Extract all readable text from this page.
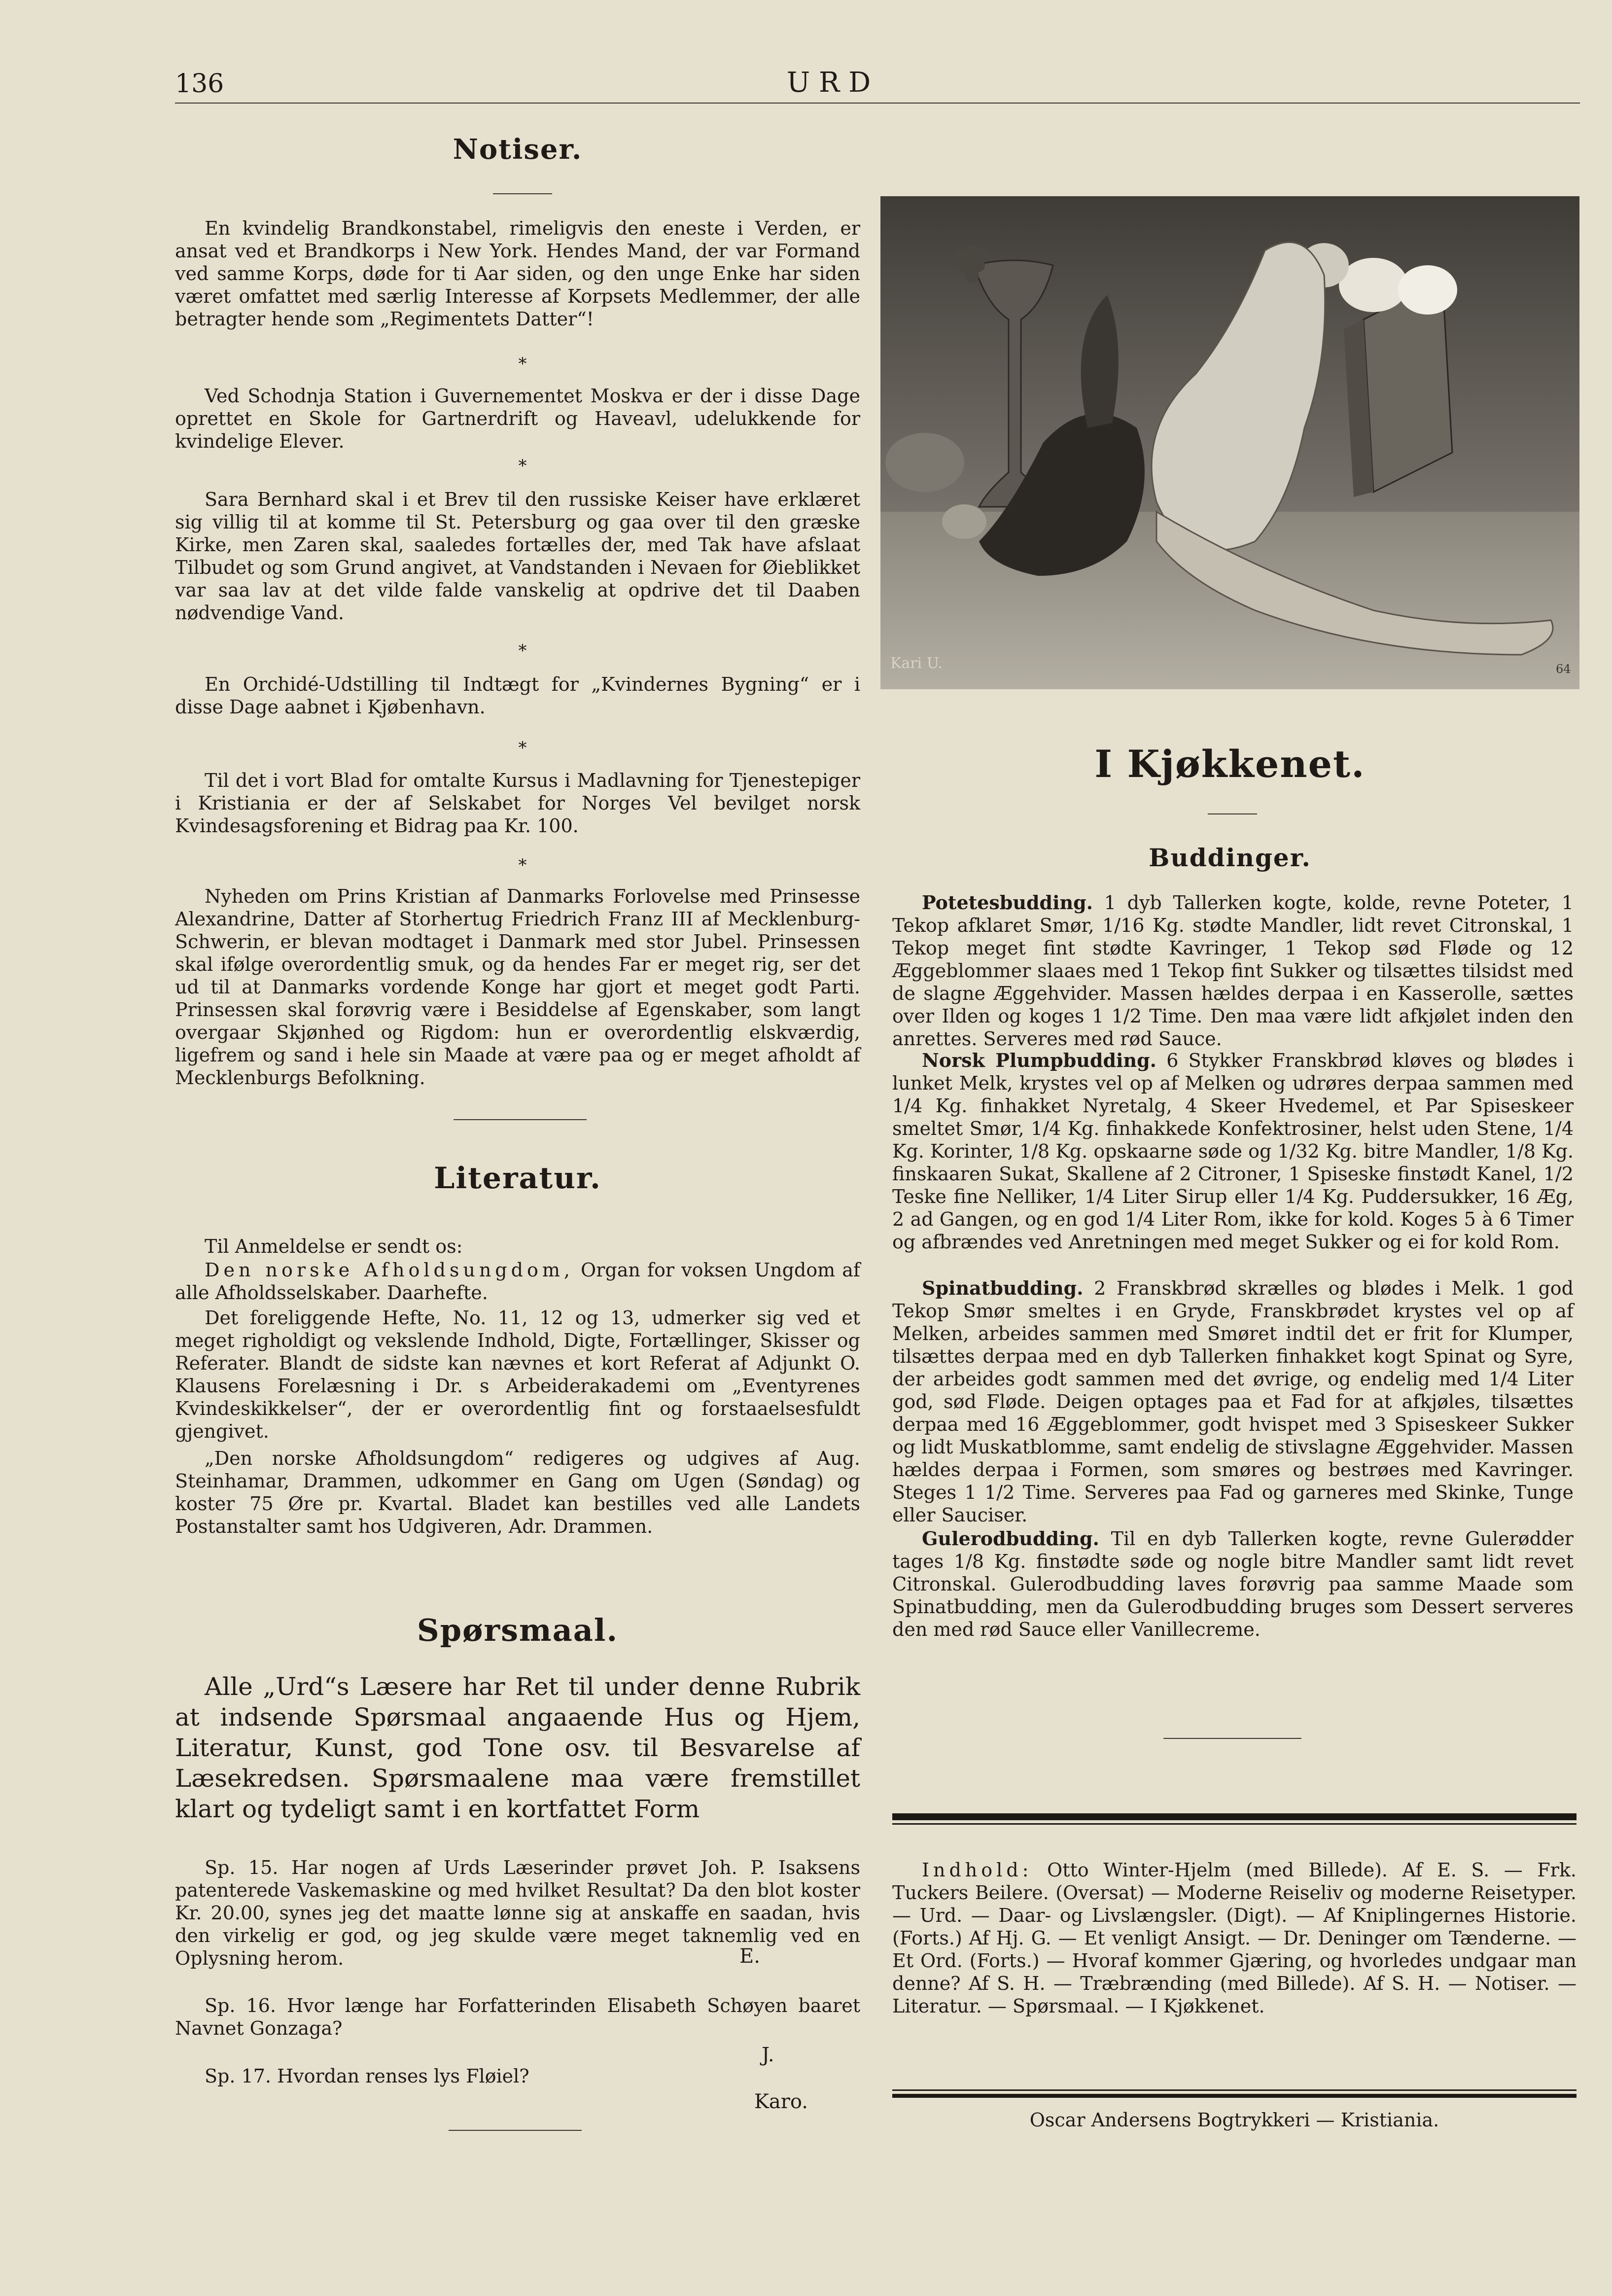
136	URD
Notiser.

En kvindelig Brandkonstabel, rimeligvis den eneste i Verden, er ansat ved et Brandkorps i New York. Hendes Mand, der var Formand ved samme Korps, døde for ti Aar siden, og den unge Enke har siden været omfattet med særlig Interesse af Korpsets Medlemmer, der alle betragter hende som „Regimentets Datter“!

*

Ved Schodnja Station i Guvernementet Moskva er der i disse Dage oprettet en Skole for Gartnerdrift og Haveavl, udelukkende for kvindelige Elever.

*

Sara Bernhard skal i et Brev til den russiske Keiser have erklæret sig villig til at komme til St. Petersburg og gaa over til den græske Kirke, men Zaren skal, saaledes fortælles der, med Tak have afslaat Tilbudet og som Grund angivet, at Vandstanden i Nevaen for Øieblikket var saa lav at det vilde falde vanskelig at opdrive det til Daaben nødvendige Vand.

*

En Orchidé-Udstilling til Indtægt for „Kvindernes Bygning“ er i disse Dage aabnet i Kjøbenhavn.

*

Til det i vort Blad for omtalte Kursus i Madlavning for Tjenestepiger i Kristiania er der af Selskabet for Norges Vel bevilget norsk Kvindesagsforening et Bidrag paa Kr. 100.

*

Nyheden om Prins Kristian af Danmarks Forlovelse med Prinsesse Alexandrine, Datter af Storhertug Friedrich Franz III af Mecklenburg-Schwerin, er blevan modtaget i Danmark med stor Jubel. Prinsessen skal ifølge overordentlig smuk, og da hendes Far er meget rig, ser det ud til at Danmarks vordende Konge har gjort et meget godt Parti. Prinsessen skal forøvrig være i Besiddelse af Egenskaber, som langt overgaar Skjønhed og Rigdom: hun er overordentlig elskværdig, ligefrem og sand i hele sin Maade at være paa og er meget afholdt af Mecklenburgs Befolkning.

Literatur.

Til Anmeldelse er sendt os:

Den norske Afholdsungdom, Organ for voksen Ungdom af alle Afholdsselskaber. Daarhefte.

Det foreliggende Hefte, No. 11, 12 og 13, udmerker sig ved et meget righoldigt og vekslende Indhold, Digte, Fortællinger, Skisser og Referater. Blandt de sidste kan nævnes et kort Referat af Adjunkt O. Klausens Forelæsning i Dr. s Arbeiderakademi om „Eventyrenes Kvindeskikkelser“, der er overordentlig fint og forstaaelsesfuldt gjengivet.

„Den norske Afholdsungdom“ redigeres og udgives af Aug. Steinhamar, Drammen, udkommer en Gang om Ugen (Søndag) og koster 75 Øre pr. Kvartal. Bladet kan bestilles ved alle Landets Postanstalter samt hos Udgiveren, Adr. Drammen.

Spørsmaal.

Alle „Urd“s Læsere har Ret til under denne Rubrik at indsende Spørsmaal angaaende Hus og Hjem, Literatur, Kunst, god Tone osv. til Besvarelse af Læsekredsen. Spørsmaalene maa være fremstillet klart og tydeligt samt i en kortfattet Form

Sp. 15. Har nogen af Urds Læserinder prøvet Joh. P. Isaksens patenterede Vaskemaskine og med hvilket Resultat? Da den blot koster Kr. 20.00, synes jeg det maatte lønne sig at anskaffe en saadan, hvis den virkelig er god, og jeg skulde være meget taknemlig ved en Oplysning herom.	E.

Sp. 16. Hvor længe har Forfatterinden Elisabeth Schøyen baaret Navnet Gonzaga?

J.

Sp. 17. Hvordan renses lys Fløiel?

Karo.
Kari U.	64
I Kjøkkenet.
Buddinger.

Potetesbudding. 1 dyb Tallerken kogte, kolde, revne Poteter, 1 Tekop afklaret Smør, 1/16 Kg. stødte Mandler, lidt revet Citronskal, 1 Tekop meget fint stødte Kavringer, 1 Tekop sød Fløde og 12 Æggeblommer slaaes med 1 Tekop fint Sukker og tilsættes tilsidst med de slagne Æggehvider. Massen hældes derpaa i en Kasserolle, sættes over Ilden og koges 1 1/2 Time. Den maa være lidt afkjølet inden den anrettes. Serveres med rød Sauce.

Norsk Plumpbudding. 6 Stykker Franskbrød kløves og blødes i lunket Melk, krystes vel op af Melken og udrøres derpaa sammen med 1/4 Kg. finhakket Nyretalg, 4 Skeer Hvedemel, et Par Spiseskeer smeltet Smør, 1/4 Kg. finhakkede Konfektrosiner, helst uden Stene, 1/4 Kg. Korinter, 1/8 Kg. opskaarne søde og 1/32 Kg. bitre Mandler, 1/8 Kg. finskaaren Sukat, Skallene af 2 Citroner, 1 Spiseske finstødt Kanel, 1/2 Teske fine Nelliker, 1/4 Liter Sirup eller 1/4 Kg. Puddersukker, 16 Æg, 2 ad Gangen, og en god 1/4 Liter Rom, ikke for kold. Koges 5 à 6 Timer og afbrændes ved Anretningen med meget Sukker og ei for kold Rom.

Spinatbudding. 2 Franskbrød skrælles og blødes i Melk. 1 god Tekop Smør smeltes i en Gryde, Franskbrødet krystes vel op af Melken, arbeides sammen med Smøret indtil det er frit for Klumper, tilsættes derpaa med en dyb Tallerken finhakket kogt Spinat og Syre, der arbeides godt sammen med det øvrige, og endelig med 1/4 Liter god, sød Fløde. Deigen optages paa et Fad for at afkjøles, tilsættes derpaa med 16 Æggeblommer, godt hvispet med 3 Spiseskeer Sukker og lidt Muskatblomme, samt endelig de stivslagne Æggehvider. Massen hældes derpaa i Formen, som smøres og bestrøes med Kavringer. Steges 1 1/2 Time. Serveres paa Fad og garneres med Skinke, Tunge eller Sauciser.

Gulerodbudding. Til en dyb Tallerken kogte, revne Gulerødder tages 1/8 Kg. finstødte søde og nogle bitre Mandler samt lidt revet Citronskal. Gulerodbudding laves forøvrig paa samme Maade som Spinatbudding, men da Gulerodbudding bruges som Dessert serveres den med rød Sauce eller Vanillecreme.

Indhold: Otto Winter-Hjelm (med Billede). Af E. S. — Frk. Tuckers Beilere. (Oversat) — Moderne Reiseliv og moderne Reisetyper. — Urd. — Daar- og Livslængsler. (Digt). — Af Kniplingernes Historie. (Forts.) Af Hj. G. — Et venligt Ansigt. — Dr. Deninger om Tænderne. — Et Ord. (Forts.) — Hvoraf kommer Gjæring, og hvorledes undgaar man denne? Af S. H. — Træbrænding (med Billede). Af S. H. — Notiser. — Literatur. — Spørsmaal. — I Kjøkkenet.

Oscar Andersens Bogtrykkeri — Kristiania.
